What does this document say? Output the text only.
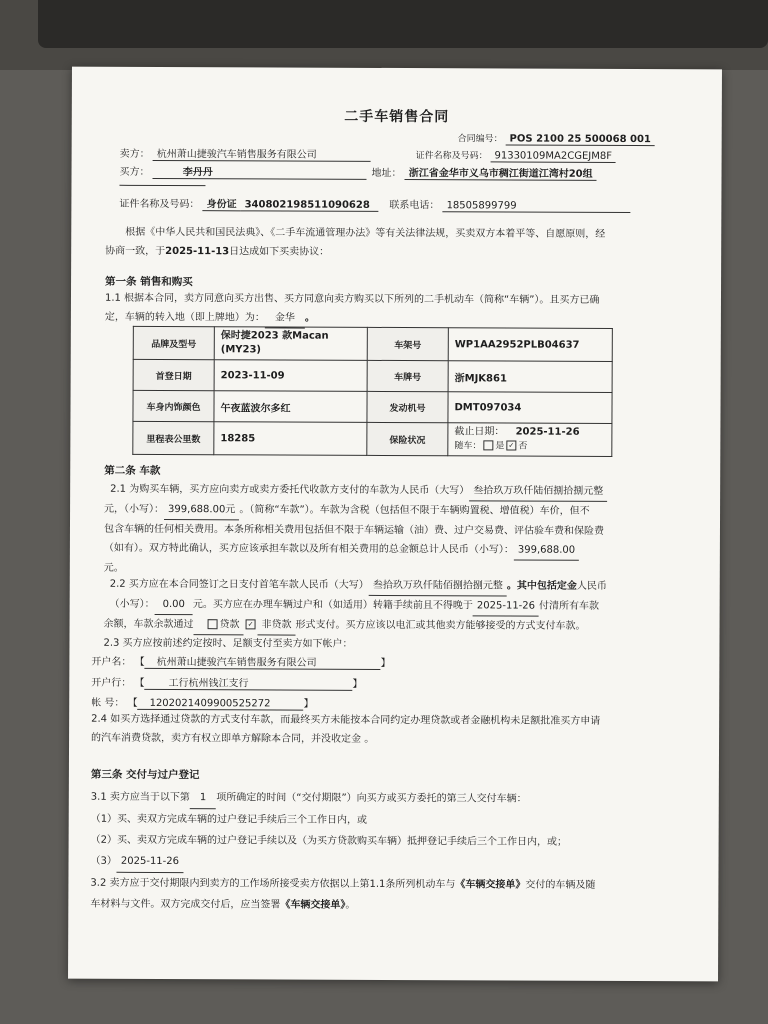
二手车销售合同
合同编号： POS 2100 25 500068 001
卖方： 杭州萧山捷骏汽车销售服务有限公司	证件名称及号码： 91330109MA2CGEJM8F
买方：	李丹丹	地址： 浙江省金华市义乌市稠江街道江湾村20组
证件名称及号码： 身份证 340802198511090628	联系电话： 18505899799
根据《中华人民共和国民法典》、《二手车流通管理办法》等有关法律法规，买卖双方本着平等、自愿原则，经
协商一致，于2025-11-13日达成如下买卖协议：
第一条 销售和购买
1.1 根据本合同，卖方同意向买方出售、买方同意向卖方购买以下所列的二手机动车（简称“车辆”）。且买方已确
定，车辆的转入地（即上牌地）为： 金华 。
品牌及型号	保时捷2023 款Macan (MY23)	车架号	WP1AA2952PLB04637
首登日期	2023-11-09	车牌号	浙MJK861
车身内饰颜色	午夜蓝波尔多红	发动机号	DMT097034
里程表公里数	18285	保险状况	截止日期： 2025-11-26
随车： 是 ✓ 否
第二条 车款
2.1 为购买车辆，买方应向卖方或卖方委托代收款方支付的车款为人民币（大写） 叁拾玖万玖仟陆佰捌拾捌元整
元，（小写）： 399,688.00元 。（简称“车款”）。车款为含税（包括但不限于车辆购置税、增值税）车价，但不
包含车辆的任何相关费用。本条所称相关费用包括但不限于车辆运输（油）费、过户交易费、评估验车费和保险费
（如有）。双方特此确认，买方应该承担车款以及所有相关费用的总金额总计人民币（小写）： 399,688.00
元。
2.2 买方应在本合同签订之日支付首笔车款人民币（大写） 叁拾玖万玖仟陆佰捌拾捌元整 。其中包括定金人民币
（小写）： 0.00 元。买方应在办理车辆过户和（如适用）转籍手续前且不得晚于 2025-11-26 付清所有车款
余额，车款余款通过	贷款 ✓ 非贷款 形式支付。买方应该以电汇或其他卖方能够接受的方式支付车款。
2.3 买方应按前述约定按时、足额支付至卖方如下帐户：
开户名： 【 杭州萧山捷骏汽车销售服务有限公司	】
开户行： 【 工行杭州钱江支行	】
帐 号： 【 1202021409900525272	】
2.4 如买方选择通过贷款的方式支付车款，而最终买方未能按本合同约定办理贷款或者金融机构未足额批准买方申请
的汽车消费贷款，卖方有权立即单方解除本合同，并没收定金 。
第三条 交付与过户登记
3.1 卖方应当于以下第 1 项所确定的时间（“交付期限”）向买方或买方委托的第三人交付车辆：
（1）买、卖双方完成车辆的过户登记手续后三个工作日内，或
（2）买、卖双方完成车辆的过户登记手续以及（为买方贷款购买车辆）抵押登记手续后三个工作日内，或；
（3） 2025-11-26
3.2 卖方应于交付期限内到卖方的工作场所接受卖方依据以上第1.1条所列机动车与《车辆交接单》交付的车辆及随
车材料与文件。双方完成交付后，应当签署《车辆交接单》。
